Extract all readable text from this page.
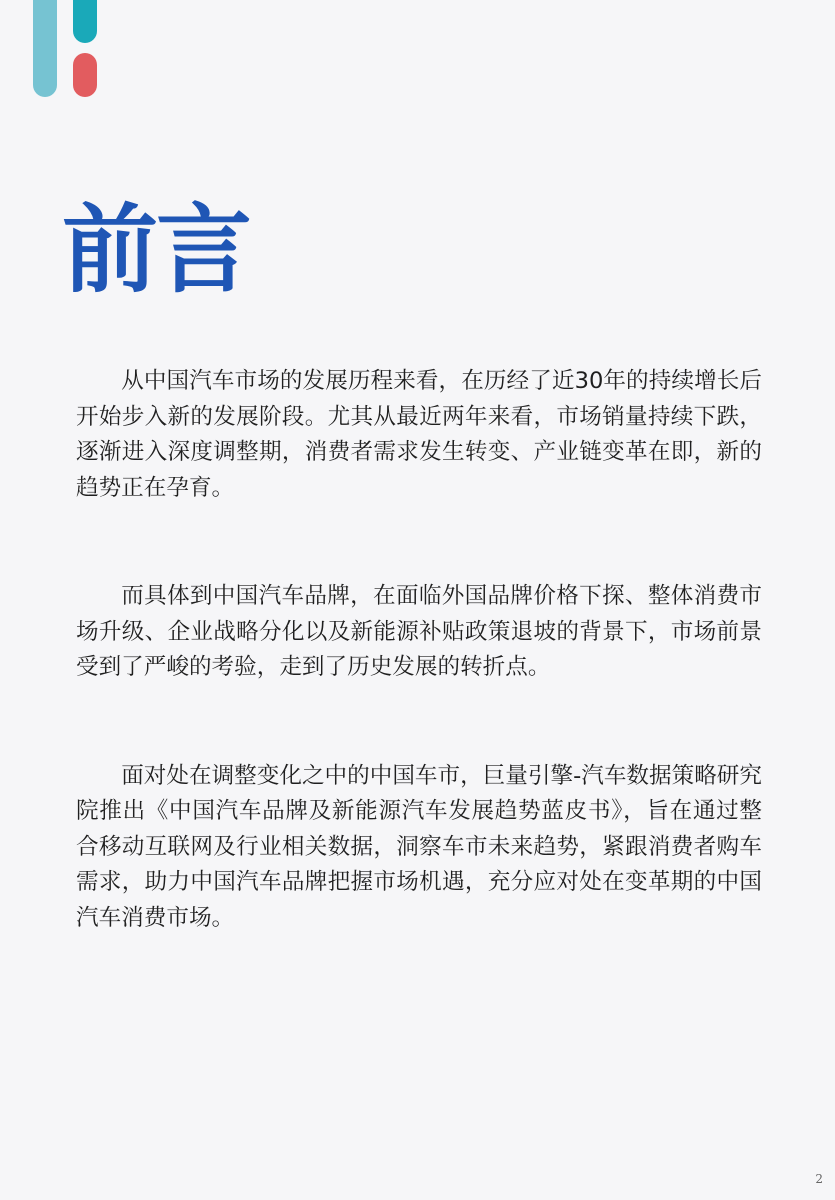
前言

从中国汽车市场的发展历程来看，在历经了近30年的持续增长后开始步入新的发展阶段。尤其从最近两年来看，市场销量持续下跌，逐渐进入深度调整期，消费者需求发生转变、产业链变革在即，新的趋势正在孕育。

而具体到中国汽车品牌，在面临外国品牌价格下探、整体消费市场升级、企业战略分化以及新能源补贴政策退坡的背景下，市场前景受到了严峻的考验，走到了历史发展的转折点。

面对处在调整变化之中的中国车市，巨量引擎-汽车数据策略研究院推出《中国汽车品牌及新能源汽车发展趋势蓝皮书》，旨在通过整合移动互联网及行业相关数据，洞察车市未来趋势，紧跟消费者购车需求，助力中国汽车品牌把握市场机遇，充分应对处在变革期的中国汽车消费市场。

2
